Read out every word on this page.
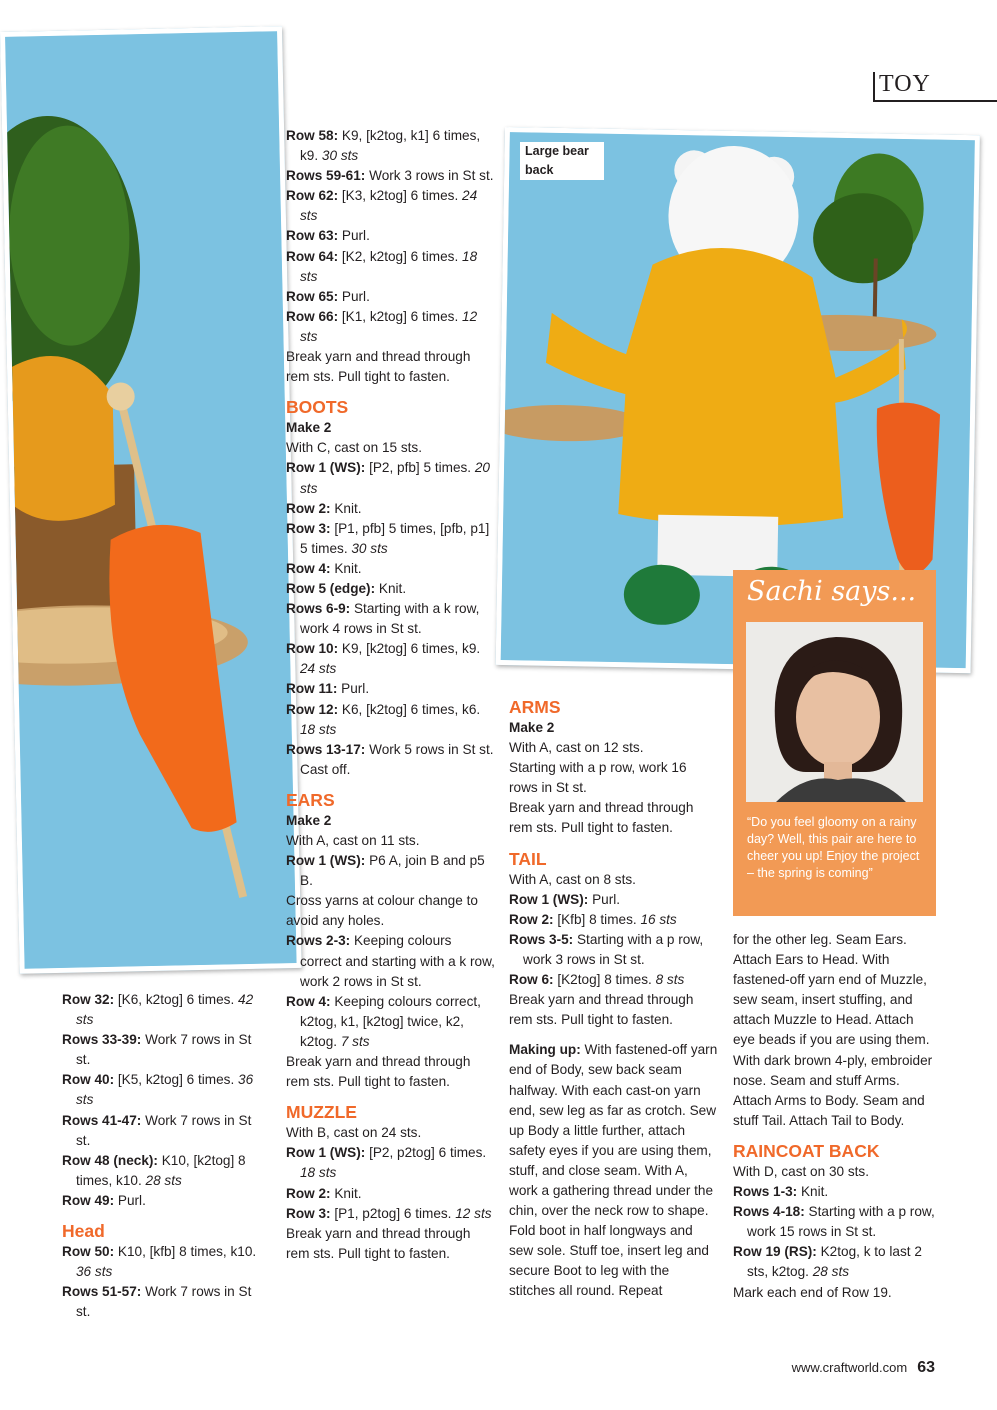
Large bear back
TOY

Row 32: [K6, k2tog] 6 times. 42 sts

Rows 33-39: Work 7 rows in St st.

Row 40: [K5, k2tog] 6 times. 36 sts

Rows 41-47: Work 7 rows in St st.

Row 48 (neck): K10, [k2tog] 8 times, k10. 28 sts

Row 49: Purl.

Head

Row 50: K10, [kfb] 8 times, k10. 36 sts

Rows 51-57: Work 7 rows in St st.

Row 58: K9, [k2tog, k1] 6 times, k9. 30 sts

Rows 59-61: Work 3 rows in St st.

Row 62: [K3, k2tog] 6 times. 24 sts

Row 63: Purl.

Row 64: [K2, k2tog] 6 times. 18 sts

Row 65: Purl.

Row 66: [K1, k2tog] 6 times. 12 sts

Break yarn and thread through rem sts. Pull tight to fasten.

BOOTS

Make 2

With C, cast on 15 sts.

Row 1 (WS): [P2, pfb] 5 times. 20 sts

Row 2: Knit.

Row 3: [P1, pfb] 5 times, [pfb, p1] 5 times. 30 sts

Row 4: Knit.

Row 5 (edge): Knit.

Rows 6-9: Starting with a k row, work 4 rows in St st.

Row 10: K9, [k2tog] 6 times, k9. 24 sts

Row 11: Purl.

Row 12: K6, [k2tog] 6 times, k6. 18 sts

Rows 13-17: Work 5 rows in St st. Cast off.

EARS

Make 2

With A, cast on 11 sts.

Row 1 (WS): P6 A, join B and p5 B.

Cross yarns at colour change to avoid any holes.

Rows 2-3: Keeping colours correct and starting with a k row, work 2 rows in St st.

Row 4: Keeping colours correct, k2tog, k1, [k2tog] twice, k2, k2tog. 7 sts

Break yarn and thread through rem sts. Pull tight to fasten.

MUZZLE

With B, cast on 24 sts.

Row 1 (WS): [P2, p2tog] 6 times. 18 sts

Row 2: Knit.

Row 3: [P1, p2tog] 6 times. 12 sts

Break yarn and thread through rem sts. Pull tight to fasten.

ARMS

Make 2

With A, cast on 12 sts.

Starting with a p row, work 16 rows in St st.

Break yarn and thread through rem sts. Pull tight to fasten.

TAIL

With A, cast on 8 sts.

Row 1 (WS): Purl.

Row 2: [Kfb] 8 times. 16 sts

Rows 3-5: Starting with a p row, work 3 rows in St st.

Row 6: [K2tog] 8 times. 8 sts

Break yarn and thread through rem sts. Pull tight to fasten.

Making up: With fastened-off yarn end of Body, sew back seam halfway. With each cast-on yarn end, sew leg as far as crotch. Sew up Body a little further, attach safety eyes if you are using them, stuff, and close seam. With A, work a gathering thread under the chin, over the neck row to shape. Fold boot in half longways and sew sole. Stuff toe, insert leg and secure Boot to leg with the stitches all round. Repeat

for the other leg. Seam Ears. Attach Ears to Head. With fastened-off yarn end of Muzzle, sew seam, insert stuffing, and attach Muzzle to Head. Attach eye beads if you are using them. With dark brown 4-ply, embroider nose. Seam and stuff Arms. Attach Arms to Body. Seam and stuff Tail. Attach Tail to Body.

RAINCOAT BACK

With D, cast on 30 sts.

Rows 1-3: Knit.

Rows 4-18: Starting with a p row, work 15 rows in St st.

Row 19 (RS): K2tog, k to last 2 sts, k2tog. 28 sts

Mark each end of Row 19.

Sachi says...
“Do you feel gloomy on a rainy day? Well, this pair are here to cheer you up! Enjoy the project – the spring is coming”
www.craftworld.com 63
